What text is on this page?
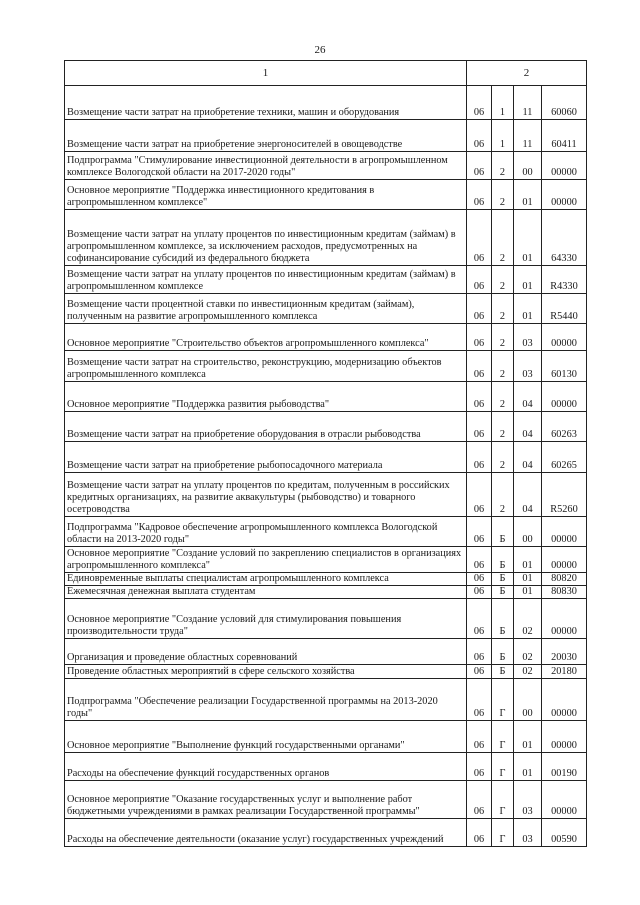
26
1	2			
Возмещение части затрат на приобретение техники, машин и оборудования	06	1	11	60060
Возмещение части затрат на приобретение энергоносителей в овощеводстве	06	1	11	60411
Подпрограмма "Стимулирование инвестиционной деятельности в агропромышленном комплексе Вологодской области на 2017-2020 годы"	06	2	00	00000
Основное мероприятие "Поддержка инвестиционного кредитования в агропромышленном комплексе"	06	2	01	00000
Возмещение части затрат на уплату процентов по инвестиционным кредитам (займам) в агропромышленном комплексе, за исключением расходов, предусмотренных на софинансирование субсидий из федерального бюджета	06	2	01	64330
Возмещение части затрат на уплату процентов по инвестиционным кредитам (займам) в агропромышленном комплексе	06	2	01	R4330
Возмещение части процентной ставки по инвестиционным кредитам (займам), полученным на развитие агропромышленного комплекса	06	2	01	R5440
Основное мероприятие "Строительство объектов агропромышленного комплекса"	06	2	03	00000
Возмещение части затрат на строительство, реконструкцию, модернизацию объектов агропромышленного комплекса	06	2	03	60130
Основное мероприятие "Поддержка развития рыбоводства"	06	2	04	00000
Возмещение части затрат на приобретение оборудования в отрасли рыбоводства	06	2	04	60263
Возмещение части затрат на приобретение рыбопосадочного материала	06	2	04	60265
Возмещение части затрат на уплату процентов по кредитам, полученным в российских кредитных организациях, на развитие аквакультуры (рыбоводство) и товарного осетроводства	06	2	04	R5260
Подпрограмма "Кадровое обеспечение агропромышленного комплекса Вологодской области на 2013-2020 годы"	06	Б	00	00000
Основное мероприятие "Создание условий по закреплению специалистов в организациях агропромышленного комплекса"	06	Б	01	00000
Единовременные выплаты специалистам агропромышленного комплекса	06	Б	01	80820
Ежемесячная денежная выплата студентам	06	Б	01	80830
Основное мероприятие "Создание условий для стимулирования повышения производительности труда"	06	Б	02	00000
Организация и проведение областных соревнований	06	Б	02	20030
Проведение областных мероприятий в сфере сельского хозяйства	06	Б	02	20180
Подпрограмма "Обеспечение реализации Государственной программы на 2013-2020 годы"	06	Г	00	00000
Основное мероприятие "Выполнение функций государственными органами"	06	Г	01	00000
Расходы на обеспечение функций государственных органов	06	Г	01	00190
Основное мероприятие "Оказание государственных услуг и выполнение работ бюджетными учреждениями в рамках реализации Государственной программы"	06	Г	03	00000
Расходы на обеспечение деятельности (оказание услуг) государственных учреждений	06	Г	03	00590
